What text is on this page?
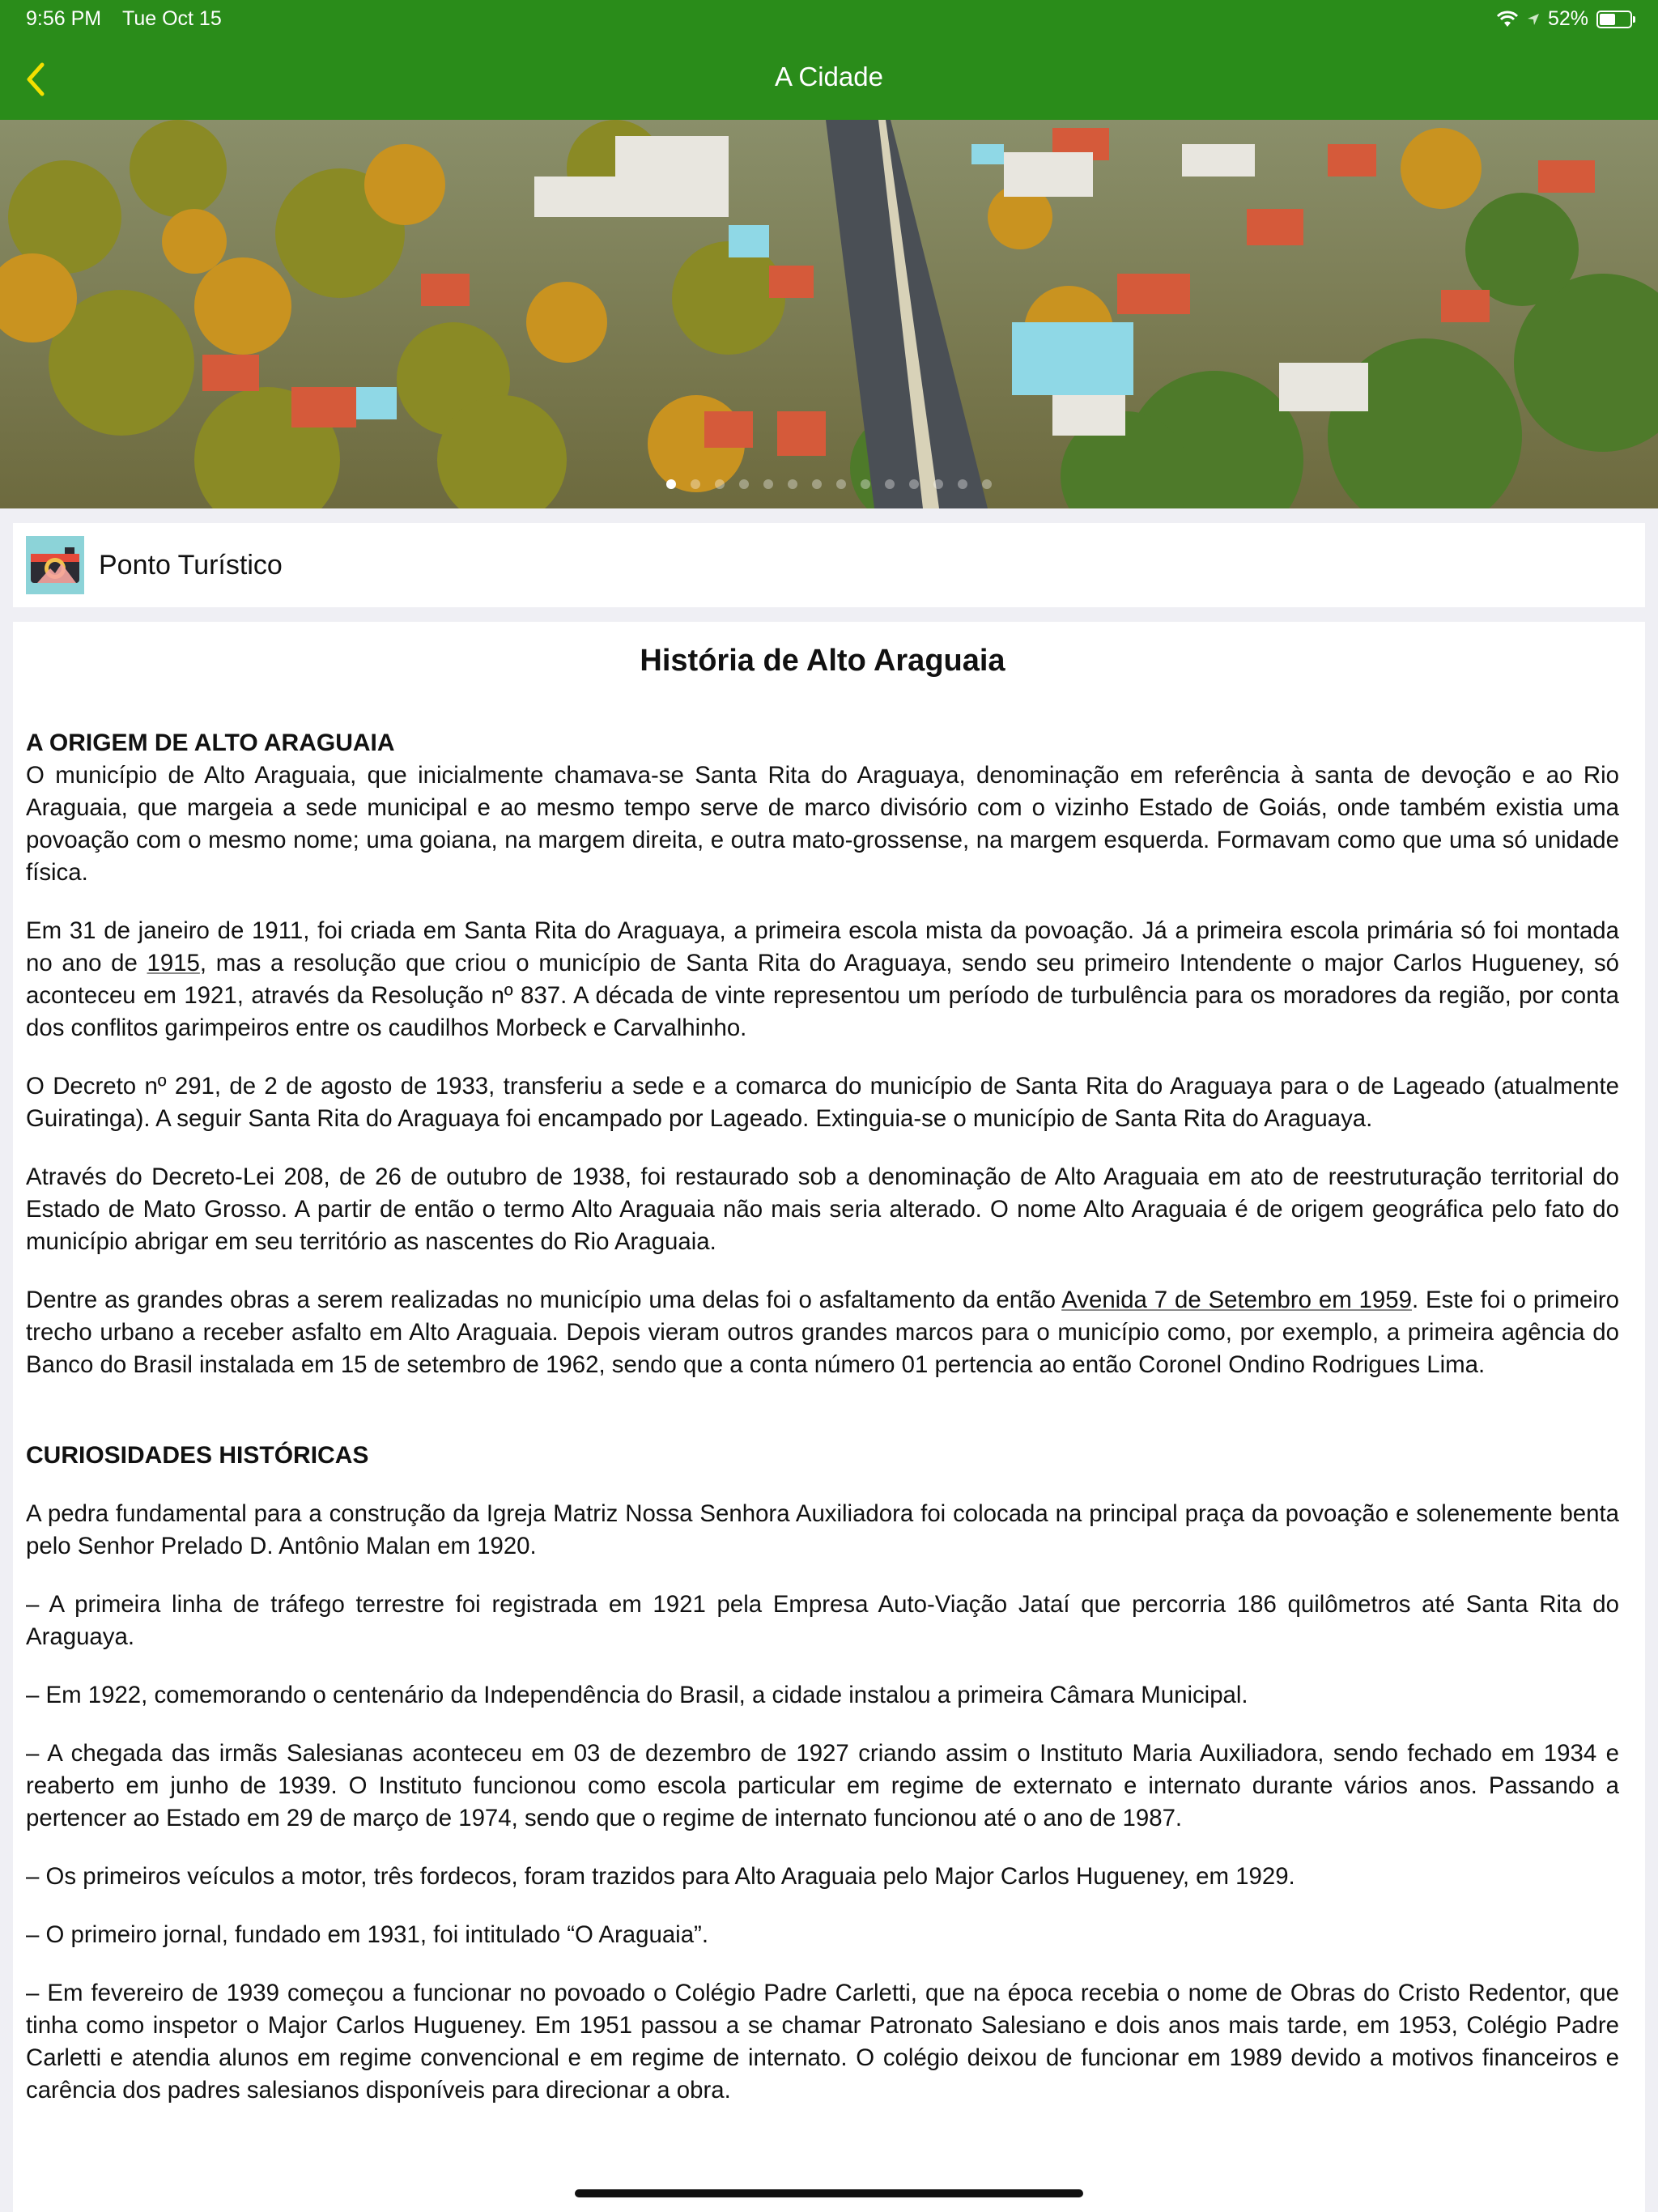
9:56 PM Tue Oct 15	52%
A Cidade
Ponto Turístico
História de Alto Araguaia
A ORIGEM DE ALTO ARAGUAIA

O município de Alto Araguaia, que inicialmente chamava-se Santa Rita do Araguaya, denominação em referência à santa de devoção e ao Rio Araguaia, que margeia a sede municipal e ao mesmo tempo serve de marco divisório com o vizinho Estado de Goiás, onde também existia uma povoação com o mesmo nome; uma goiana, na margem direita, e outra mato-grossense, na margem esquerda. Formavam como que uma só unidade física.

Em 31 de janeiro de 1911, foi criada em Santa Rita do Araguaya, a primeira escola mista da povoação. Já a primeira escola primária só foi montada no ano de 1915, mas a resolução que criou o município de Santa Rita do Araguaya, sendo seu primeiro Intendente o major Carlos Hugueney, só aconteceu em 1921, através da Resolução nº 837. A década de vinte representou um período de turbulência para os moradores da região, por conta dos conflitos garimpeiros entre os caudilhos Morbeck e Carvalhinho.

O Decreto nº 291, de 2 de agosto de 1933, transferiu a sede e a comarca do município de Santa Rita do Araguaya para o de Lageado (atualmente Guiratinga). A seguir Santa Rita do Araguaya foi encampado por Lageado. Extinguia-se o município de Santa Rita do Araguaya.

Através do Decreto-Lei 208, de 26 de outubro de 1938, foi restaurado sob a denominação de Alto Araguaia em ato de reestruturação territorial do Estado de Mato Grosso. A partir de então o termo Alto Araguaia não mais seria alterado. O nome Alto Araguaia é de origem geográfica pelo fato do município abrigar em seu território as nascentes do Rio Araguaia.

Dentre as grandes obras a serem realizadas no município uma delas foi o asfaltamento da então Avenida 7 de Setembro em 1959. Este foi o primeiro trecho urbano a receber asfalto em Alto Araguaia. Depois vieram outros grandes marcos para o município como, por exemplo, a primeira agência do Banco do Brasil instalada em 15 de setembro de 1962, sendo que a conta número 01 pertencia ao então Coronel Ondino Rodrigues Lima.

CURIOSIDADES HISTÓRICAS

A pedra fundamental para a construção da Igreja Matriz Nossa Senhora Auxiliadora foi colocada na principal praça da povoação e solenemente benta pelo Senhor Prelado D. Antônio Malan em 1920.

– A primeira linha de tráfego terrestre foi registrada em 1921 pela Empresa Auto-Viação Jataí que percorria 186 quilômetros até Santa Rita do Araguaya.

– Em 1922, comemorando o centenário da Independência do Brasil, a cidade instalou a primeira Câmara Municipal.

– A chegada das irmãs Salesianas aconteceu em 03 de dezembro de 1927 criando assim o Instituto Maria Auxiliadora, sendo fechado em 1934 e reaberto em junho de 1939. O Instituto funcionou como escola particular em regime de externato e internato durante vários anos. Passando a pertencer ao Estado em 29 de março de 1974, sendo que o regime de internato funcionou até o ano de 1987.

– Os primeiros veículos a motor, três fordecos, foram trazidos para Alto Araguaia pelo Major Carlos Hugueney, em 1929.

– O primeiro jornal, fundado em 1931, foi intitulado “O Araguaia”.

– Em fevereiro de 1939 começou a funcionar no povoado o Colégio Padre Carletti, que na época recebia o nome de Obras do Cristo Redentor, que tinha como inspetor o Major Carlos Hugueney. Em 1951 passou a se chamar Patronato Salesiano e dois anos mais tarde, em 1953, Colégio Padre Carletti e atendia alunos em regime convencional e em regime de internato. O colégio deixou de funcionar em 1989 devido a motivos financeiros e carência dos padres salesianos disponíveis para direcionar a obra.
